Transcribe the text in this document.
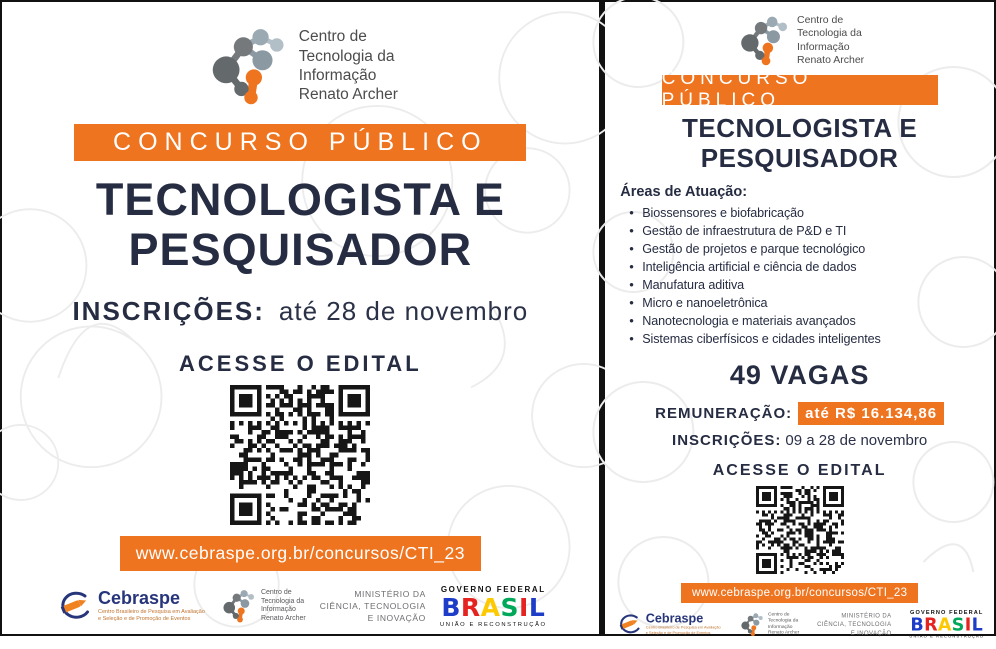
Centro de
Tecnologia da
Informação
Renato Archer
CONCURSO PÚBLICO
TECNOLOGISTA E
PESQUISADOR
INSCRIÇÕES: até 28 de novembro
ACESSE O EDITAL
www.cebraspe.org.br/concursos/CTI_23
Cebraspe
Centro Brasileiro de Pesquisa em Avaliação
e Seleção e de Promoção de Eventos
Centro de
Tecnologia da
Informação
Renato Archer
MINISTÉRIO DA
CIÊNCIA, TECNOLOGIA
E INOVAÇÃO
GOVERNO FEDERAL
BRASIL
UNIÃO E RECONSTRUÇÃO
Centro de
Tecnologia da
Informação
Renato Archer
CONCURSO PÚBLICO
TECNOLOGISTA E
PESQUISADOR
Áreas de Atuação:
• Biossensores e biofabricação
• Gestão de infraestrutura de P&D e TI
• Gestão de projetos e parque tecnológico
• Inteligência artificial e ciência de dados
• Manufatura aditiva
• Micro e nanoeletrônica
• Nanotecnologia e materiais avançados
• Sistemas ciberfísicos e cidades inteligentes
49 VAGAS
REMUNERAÇÃO: até R$ 16.134,86
INSCRIÇÕES: 09 a 28 de novembro
ACESSE O EDITAL
www.cebraspe.org.br/concursos/CTI_23
Cebraspe
Centro Brasileiro de Pesquisa em Avaliação
e Seleção e de Promoção de Eventos
Centro de
Tecnologia da
Informação
Renato Archer
MINISTÉRIO DA
CIÊNCIA, TECNOLOGIA
E INOVAÇÃO
GOVERNO FEDERAL
BRASIL
UNIÃO E RECONSTRUÇÃO
